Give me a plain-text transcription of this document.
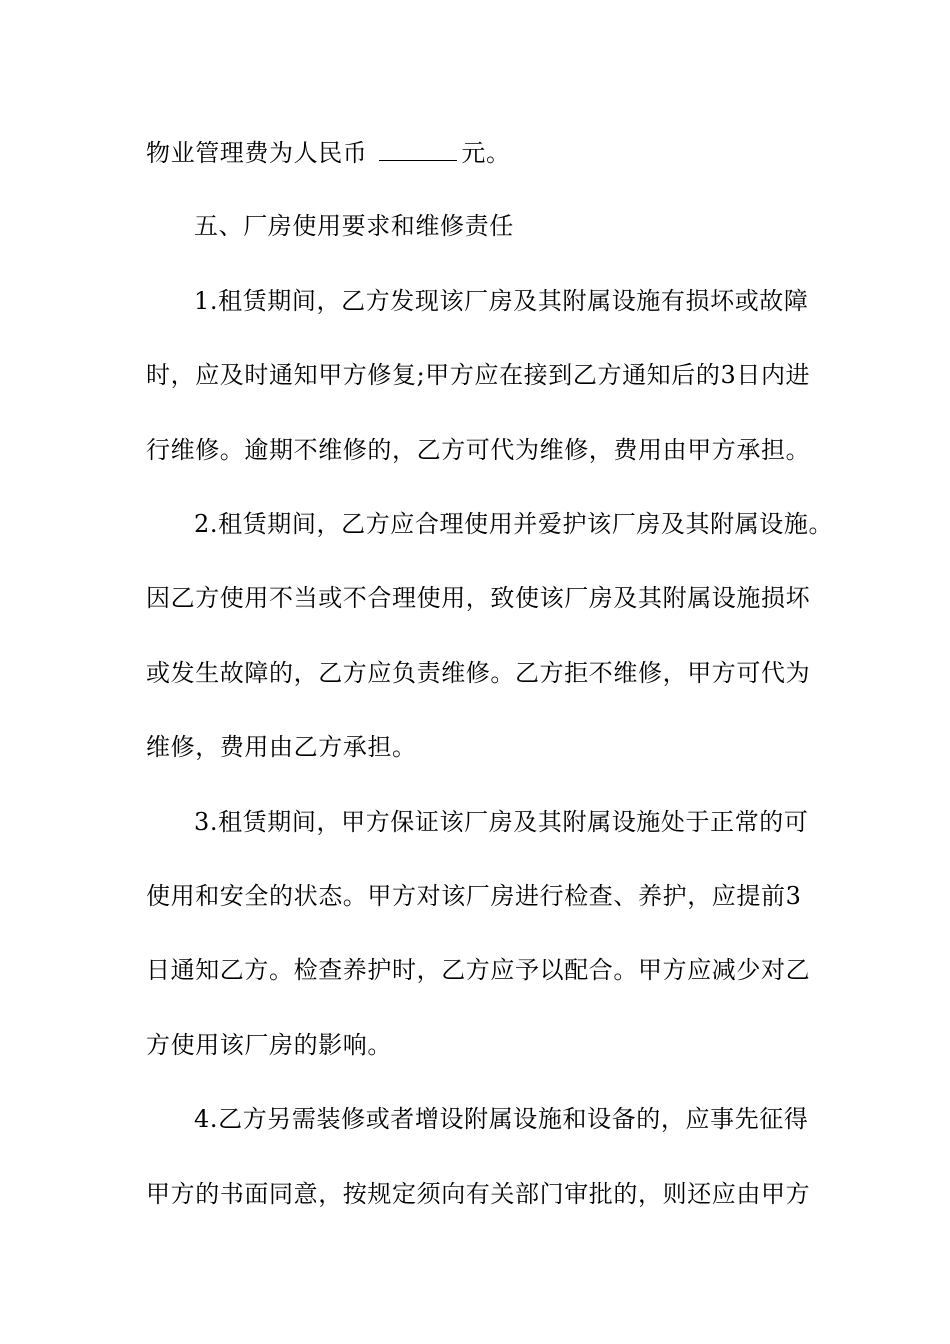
物业管理费为人民币	元。
五、厂房使用要求和维修责任
1.租赁期间，乙方发现该厂房及其附属设施有损坏或故障
时，应及时通知甲方修复;甲方应在接到乙方通知后的3日内进
行维修。逾期不维修的，乙方可代为维修，费用由甲方承担。
2.租赁期间，乙方应合理使用并爱护该厂房及其附属设施。
因乙方使用不当或不合理使用，致使该厂房及其附属设施损坏
或发生故障的，乙方应负责维修。乙方拒不维修，甲方可代为
维修，费用由乙方承担。
3.租赁期间，甲方保证该厂房及其附属设施处于正常的可
使用和安全的状态。甲方对该厂房进行检查、养护，应提前3
日通知乙方。检查养护时，乙方应予以配合。甲方应减少对乙
方使用该厂房的影响。
4.乙方另需装修或者增设附属设施和设备的，应事先征得
甲方的书面同意，按规定须向有关部门审批的，则还应由甲方
